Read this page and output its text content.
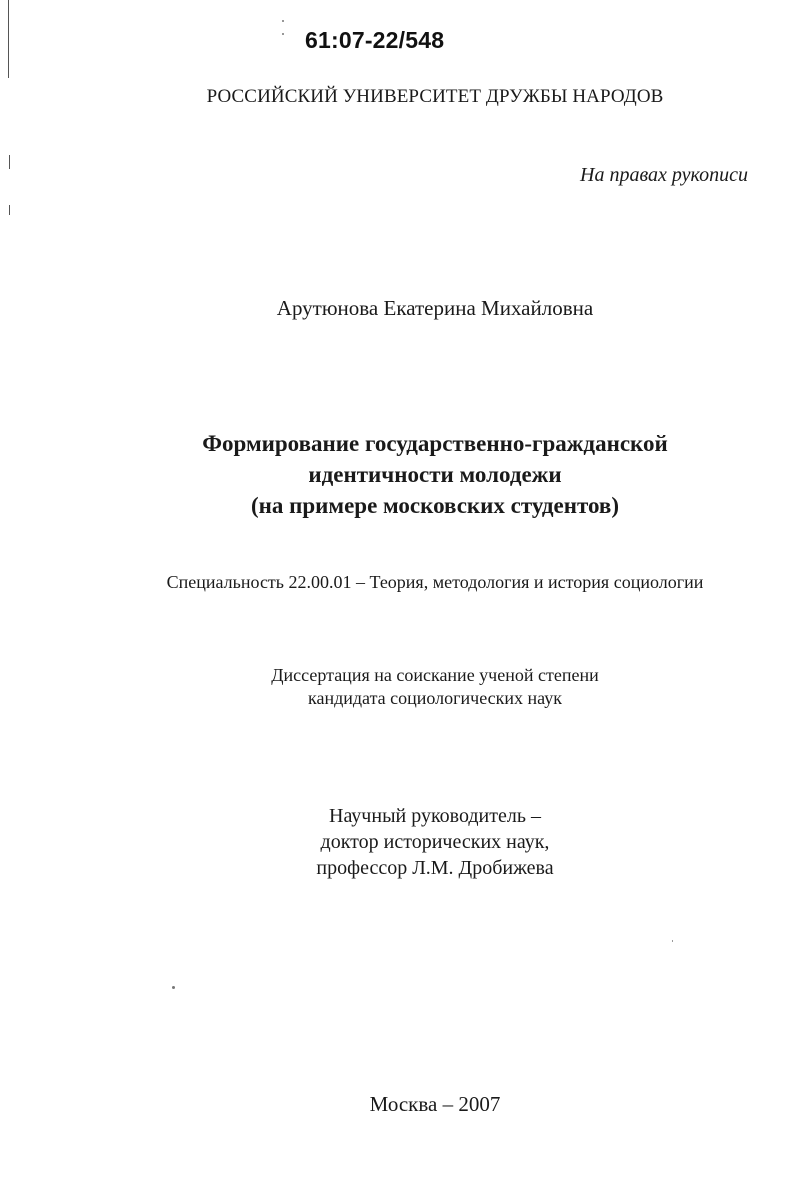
61:07-22/548
РОССИЙСКИЙ УНИВЕРСИТЕТ ДРУЖБЫ НАРОДОВ
На правах рукописи
Арутюнова Екатерина Михайловна
Формирование государственно-гражданской
идентичности молодежи
(на примере московских студентов)
Специальность 22.00.01 – Теория, методология и история социологии
Диссертация на соискание ученой степени
кандидата социологических наук
Научный руководитель –
доктор исторических наук,
профессор Л.М. Дробижева
Москва – 2007
